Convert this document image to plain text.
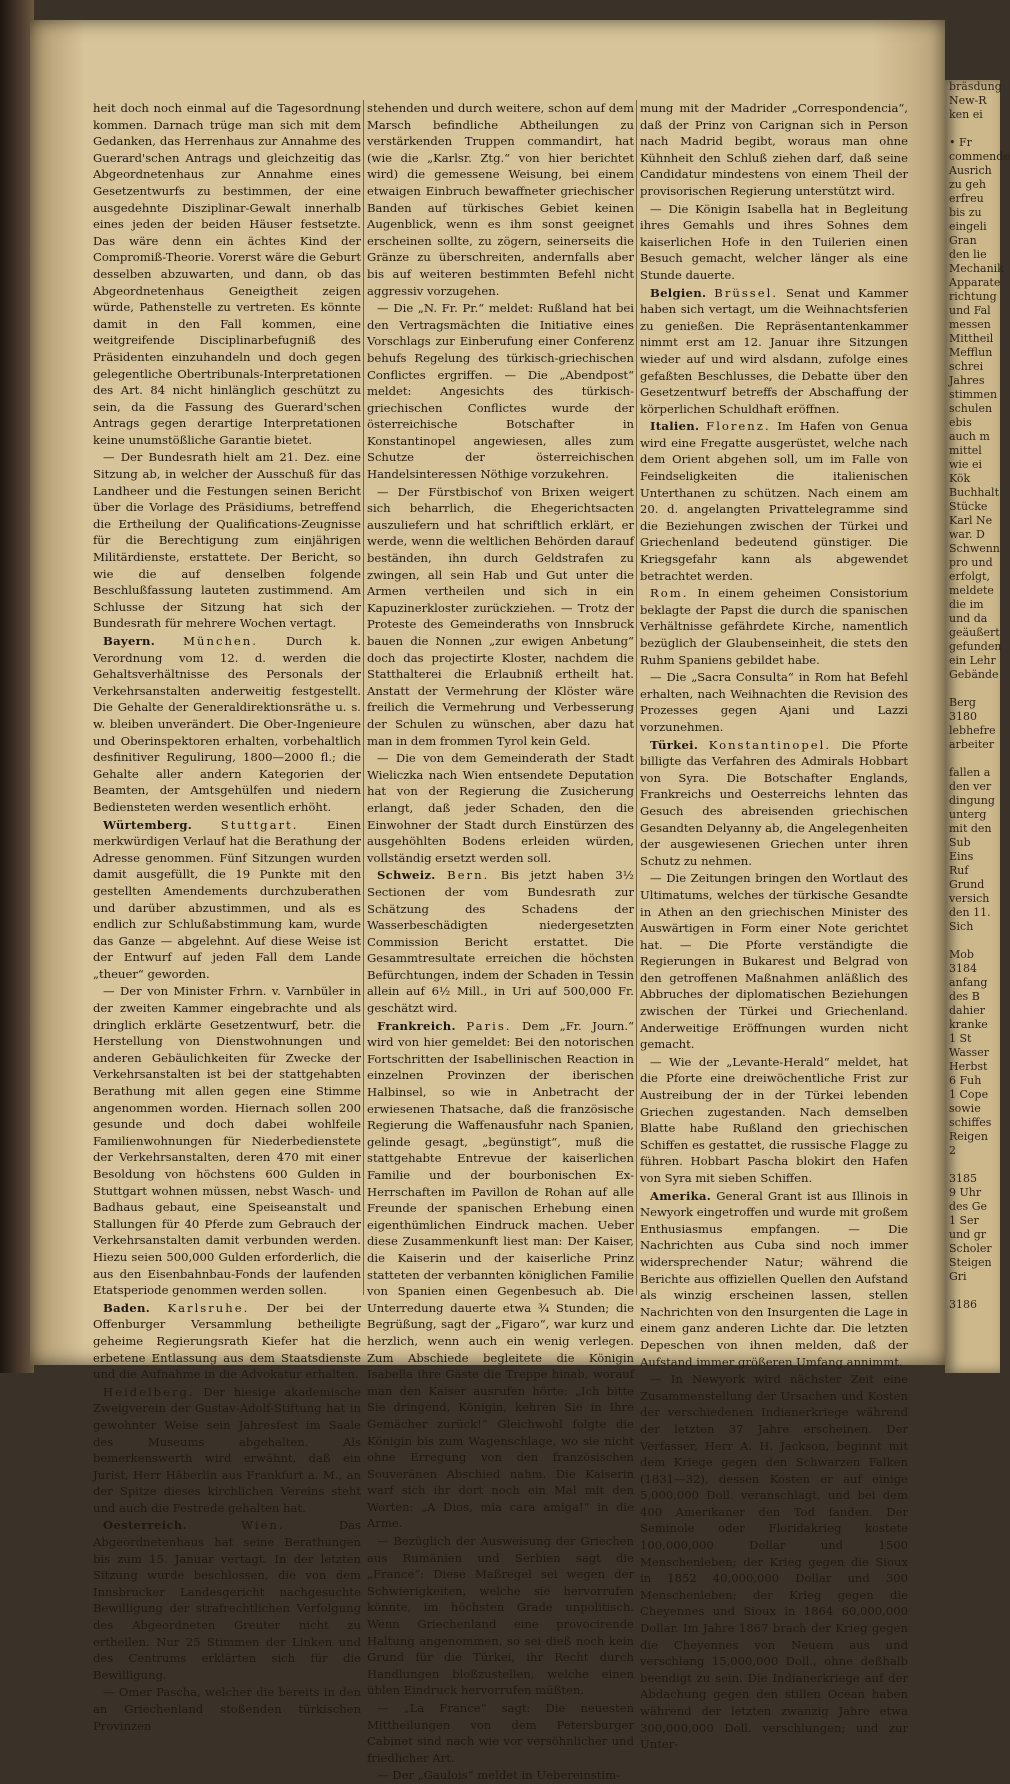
heit doch noch einmal auf die Tagesordnung kommen. Darnach trüge man sich mit dem Gedanken, das Herrenhaus zur Annahme des Guerard'schen Antrags und gleichzeitig das Abgeordnetenhaus zur Annahme eines Gesetzentwurfs zu bestimmen, der eine ausgedehnte Disziplinar-Gewalt innerhalb eines jeden der beiden Häuser festsetzte. Das wäre denn ein ächtes Kind der Compromiß-Theorie. Vorerst wäre die Geburt desselben abzuwarten, und dann, ob das Abgeordnetenhaus Geneigtheit zeigen würde, Pathenstelle zu vertreten. Es könnte damit in den Fall kommen, eine weitgreifende Disciplinarbefugniß des Präsidenten einzuhandeln und doch gegen gelegentliche Obertribunals-Interpretationen des Art. 84 nicht hinlänglich geschützt zu sein, da die Fassung des Guerard'schen Antrags gegen derartige Interpretationen keine unumstößliche Garantie bietet.

— Der Bundesrath hielt am 21. Dez. eine Sitzung ab, in welcher der Ausschuß für das Landheer und die Festungen seinen Bericht über die Vorlage des Präsidiums, betreffend die Ertheilung der Qualifications-Zeugnisse für die Berechtigung zum einjährigen Militärdienste, erstattete. Der Bericht, so wie die auf denselben folgende Beschlußfassung lauteten zustimmend. Am Schlusse der Sitzung hat sich der Bundesrath für mehrere Wochen vertagt.

Bayern. München. Durch k. Verordnung vom 12. d. werden die Gehaltsverhältnisse des Personals der Verkehrsanstalten anderweitig festgestellt. Die Gehalte der Generaldirektionsräthe u. s. w. bleiben unverändert. Die Ober-Ingenieure und Oberinspektoren erhalten, vorbehaltlich desfinitiver Regulirung, 1800—2000 fl.; die Gehalte aller andern Kategorien der Beamten, der Amtsgehülfen und niedern Bediensteten werden wesentlich erhöht.

Würtemberg. Stuttgart. Einen merkwürdigen Verlauf hat die Berathung der Adresse genommen. Fünf Sitzungen wurden damit ausgefüllt, die 19 Punkte mit den gestellten Amendements durchzuberathen und darüber abzustimmen, und als es endlich zur Schlußabstimmung kam, wurde das Ganze — abgelehnt. Auf diese Weise ist der Entwurf auf jeden Fall dem Lande „theuer“ geworden.

— Der von Minister Frhrn. v. Varnbüler in der zweiten Kammer eingebrachte und als dringlich erklärte Gesetzentwurf, betr. die Herstellung von Dienstwohnungen und anderen Gebäulichkeiten für Zwecke der Verkehrsanstalten ist bei der stattgehabten Berathung mit allen gegen eine Stimme angenommen worden. Hiernach sollen 200 gesunde und doch dabei wohlfeile Familienwohnungen für Niederbedienstete der Verkehrsanstalten, deren 470 mit einer Besoldung von höchstens 600 Gulden in Stuttgart wohnen müssen, nebst Wasch- und Badhaus gebaut, eine Speiseanstalt und Stallungen für 40 Pferde zum Gebrauch der Verkehrsanstalten damit verbunden werden. Hiezu seien 500,000 Gulden erforderlich, die aus den Eisenbahnbau-Fonds der laufenden Etatsperiode genommen werden sollen.

Baden. Karlsruhe. Der bei der Offenburger Versammlung betheiligte geheime Regierungsrath Kiefer hat die erbetene Entlassung aus dem Staatsdienste und die Aufnahme in die Advokatur erhalten.

Heidelberg. Der hiesige akademische Zweigverein der Gustav-Adolf-Stiftung hat in gewohnter Weise sein Jahresfest im Saale des Museums abgehalten. Als bemerkenswerth wird erwähnt, daß ein Jurist, Herr Häberlin aus Frankfurt a. M., an der Spitze dieses kirchlichen Vereins steht und auch die Festrede gehalten hat.

Oesterreich.	Wien.	Das Abgeordnetenhaus hat seine Berathungen bis zum 15. Januar vertagt. In der letzten Sitzung wurde beschlossen, die von dem Innsbrucker Landesgericht nachgesuchte Bewilligung der strafrechtlichen Verfolgung des Abgeordneten Greuter nicht zu ertheilen. Nur 25 Stimmen der Linken und des Centrums erklärten sich für die Bewilligung.

— Omer Pascha, welcher die bereits in den an Griechenland stoßenden türkischen Provinzen

stehenden und durch weitere, schon auf dem Marsch befindliche Abtheilungen zu verstärkenden Truppen commandirt, hat (wie die „Karlsr. Ztg.“ von hier berichtet wird) die gemessene Weisung, bei einem etwaigen Einbruch bewaffneter griechischer Banden auf türkisches Gebiet keinen Augenblick, wenn es ihm sonst geeignet erscheinen sollte, zu zögern, seinerseits die Gränze zu überschreiten, andernfalls aber bis auf weiteren bestimmten Befehl nicht aggressiv vorzugehen.

— Die „N. Fr. Pr.“ meldet: Rußland hat bei den Vertragsmächten die Initiative eines Vorschlags zur Einberufung einer Conferenz behufs Regelung des türkisch-griechischen Conflictes ergriffen. — Die „Abendpost“ meldet: Angesichts des türkisch-griechischen Conflictes wurde der österreichische Botschafter in Konstantinopel angewiesen, alles zum Schutze der österreichischen Handelsinteressen Nöthige vorzukehren.

— Der Fürstbischof von Brixen weigert sich beharrlich, die Ehegerichtsacten auszuliefern und hat schriftlich erklärt, er werde, wenn die weltlichen Behörden darauf beständen, ihn durch Geldstrafen zu zwingen, all sein Hab und Gut unter die Armen vertheilen und sich in ein Kapuzinerkloster zurückziehen. — Trotz der Proteste des Gemeinderaths von Innsbruck bauen die Nonnen „zur ewigen Anbetung“ doch das projectirte Kloster, nachdem die Statthalterei die Erlaubniß ertheilt hat. Anstatt der Vermehrung der Klöster wäre freilich die Vermehrung und Verbesserung der Schulen zu wünschen, aber dazu hat man in dem frommen Tyrol kein Geld.

— Die von dem Gemeinderath der Stadt Wieliczka nach Wien entsendete Deputation hat von der Regierung die Zusicherung erlangt, daß jeder Schaden, den die Einwohner der Stadt durch Einstürzen des ausgehöhlten Bodens erleiden würden, vollständig ersetzt werden soll.

Schweiz. Bern. Bis jetzt haben 3½ Sectionen der vom Bundesrath zur Schätzung des Schadens der Wasserbeschädigten niedergesetzten Commission Bericht erstattet. Die Gesammtresultate erreichen die höchsten Befürchtungen, indem der Schaden in Tessin allein auf 6½ Mill., in Uri auf 500,000 Fr. geschätzt wird.

Frankreich. Paris. Dem „Fr. Journ.“ wird von hier gemeldet: Bei den notorischen Fortschritten der Isabellinischen Reaction in einzelnen Provinzen der iberischen Halbinsel, so wie in Anbetracht der erwiesenen Thatsache, daß die französische Regierung die Waffenausfuhr nach Spanien, gelinde gesagt, „begünstigt“, muß die stattgehabte Entrevue der kaiserlichen Familie und der bourbonischen Ex-Herrschaften im Pavillon de Rohan auf alle Freunde der spanischen Erhebung einen eigenthümlichen Eindruck machen. Ueber diese Zusammenkunft liest man: Der Kaiser, die Kaiserin und der kaiserliche Prinz statteten der verbannten königlichen Familie von Spanien einen Gegenbesuch ab. Die Unterredung dauerte etwa ¾ Stunden; die Begrüßung, sagt der „Figaro“, war kurz und herzlich, wenn auch ein wenig verlegen. Zum Abschiede begleitete die Königin Isabella ihre Gäste die Treppe hinab, worauf man den Kaiser ausrufen hörte: „Ich bitte Sie dringend, Königin, kehren Sie in Ihre Gemächer zurück!“ Gleichwohl folgte die Königin bis zum Wagenschlage, wo sie nicht ohne Erregung von den französischen Souveränen Abschied nahm. Die Kaiserin warf sich ihr dort noch ein Mal mit den Worten: „A Dios, mia cara amiga!“ in die Arme.

— Bezüglich der Ausweisung der Griechen aus Rumänien und Serbien sagt die „France“: Diese Maßregel sei wegen der Schwierigkeiten, welche sie hervorrufen könnte, im höchsten Grade unpolitisch. Wenn Griechenland eine provocirende Haltung angenommen, so sei dieß noch kein Grund für die Türkei, ihr Recht durch Handlungen bloßzustellen, welche einen üblen Eindruck hervorrufen müßten.

— „La France“ sagt: Die neuesten Mittheilungen von dem Petersburger Cabinet sind nach wie vor versöhnlicher und friedlicher Art.

— Der „Gaulois“ meldet in Uebereinstim-

mung mit der Madrider „Correspondencia“, daß der Prinz von Carignan sich in Person nach Madrid begibt, woraus man ohne Kühnheit den Schluß ziehen darf, daß seine Candidatur mindestens von einem Theil der provisorischen Regierung unterstützt wird.

— Die Königin Isabella hat in Begleitung ihres Gemahls und ihres Sohnes dem kaiserlichen Hofe in den Tuilerien einen Besuch gemacht, welcher länger als eine Stunde dauerte.

Belgien. Brüssel. Senat und Kammer haben sich vertagt, um die Weihnachtsferien zu genießen. Die Repräsentantenkammer nimmt erst am 12. Januar ihre Sitzungen wieder auf und wird alsdann, zufolge eines gefaßten Beschlusses, die Debatte über den Gesetzentwurf betreffs der Abschaffung der körperlichen Schuldhaft eröffnen.

Italien. Florenz. Im Hafen von Genua wird eine Fregatte ausgerüstet, welche nach dem Orient abgehen soll, um im Falle von Feindseligkeiten die italienischen Unterthanen zu schützen. Nach einem am 20. d. angelangten Privattelegramme sind die Beziehungen zwischen der Türkei und Griechenland bedeutend günstiger. Die Kriegsgefahr kann als abgewendet betrachtet werden.

Rom. In einem geheimen Consistorium beklagte der Papst die durch die spanischen Verhältnisse gefährdete Kirche, namentlich bezüglich der Glaubenseinheit, die stets den Ruhm Spaniens gebildet habe.

— Die „Sacra Consulta“ in Rom hat Befehl erhalten, nach Weihnachten die Revision des Prozesses gegen Ajani und Lazzi vorzunehmen.

Türkei. Konstantinopel. Die Pforte billigte das Verfahren des Admirals Hobbart von Syra. Die Botschafter Englands, Frankreichs und Oesterreichs lehnten das Gesuch des abreisenden griechischen Gesandten Delyanny ab, die Angelegenheiten der ausgewiesenen Griechen unter ihren Schutz zu nehmen.

— Die Zeitungen bringen den Wortlaut des Ultimatums, welches der türkische Gesandte in Athen an den griechischen Minister des Auswärtigen in Form einer Note gerichtet hat. — Die Pforte verständigte die Regierungen in Bukarest und Belgrad von den getroffenen Maßnahmen anläßlich des Abbruches der diplomatischen Beziehungen zwischen der Türkei und Griechenland. Anderweitige Eröffnungen wurden nicht gemacht.

— Wie der „Levante-Herald“ meldet, hat die Pforte eine dreiwöchentliche Frist zur Austreibung der in der Türkei lebenden Griechen zugestanden. Nach demselben Blatte habe Rußland den griechischen Schiffen es gestattet, die russische Flagge zu führen. Hobbart Pascha blokirt den Hafen von Syra mit sieben Schiffen.

Amerika. General Grant ist aus Illinois in Newyork eingetroffen und wurde mit großem Enthusiasmus empfangen. — Die Nachrichten aus Cuba sind noch immer widersprechender Natur; während die Berichte aus offiziellen Quellen den Aufstand als winzig erscheinen lassen, stellen Nachrichten von den Insurgenten die Lage in einem ganz anderen Lichte dar. Die letzten Depeschen von ihnen melden, daß der Aufstand immer größeren Umfang annimmt.

— In Newyork wird nächster Zeit eine Zusammenstellung der Ursachen und Kosten der verschiedenen Indianerkriege während der letzten 37 Jahre erscheinen. Der Verfasser, Herr A. H. Jackson, beginnt mit dem Kriege gegen den Schwarzen Falken (1831—32), dessen Kosten er auf einige 5,000,000 Doll. veranschlagt, und bei dem 400 Amerikaner den Tod fanden. Der Seminole oder Floridakrieg kostete 100,000,000 Dollar und 1500 Menschenleben; der Krieg gegen die Sioux in 1852 40,000,000 Dollar und 300 Menschenleben; der Krieg gegen die Cheyennes und Sioux in 1864 60,000,000 Dollar. Im Jahre 1867 brach der Krieg gegen die Cheyennes von Neuem aus und verschlang 15,000,000 Doll., ohne deßhalb beendigt zu sein. Die Indianerkriege auf der Abdachung gegen den stillen Ocean haben während der letzten zwanzig Jahre etwa 300,000,000 Doll. verschlungen; und zur Unter-

bräsdung
New-R
ken ei

• Fr
commende
Ausrich
zu geh
erfreu
bis zu
eingeli
Gran
den lie
Mechanik
Apparate
richtung
und Fal
messen
Mittheil
Mefflun
schrei
Jahres
stimmen
schulen
ebis
auch m
mittel
wie ei
Kök
Buchhalt
Stücke
Karl Ne
war. D
Schwenn
pro und
erfolgt,
meldete
die im
und da
geäußert
gefunden
ein Lehr
Gebände

Berg
3180
lebhefre
arbeiter

fallen a
den ver
dingung
unterg
mit den
Sub
Eins
Ruf
Grund
versich
den 11.
Sich

Mob
3184
anfang
des B
dahier
kranke
1 St
Wasser
Herbst
6 Fuh
1 Cope
sowie
schiffes
Reigen
2

3185
9 Uhr
des Ge
1 Ser
und gr
Scholer
Steigen
Gri

3186
